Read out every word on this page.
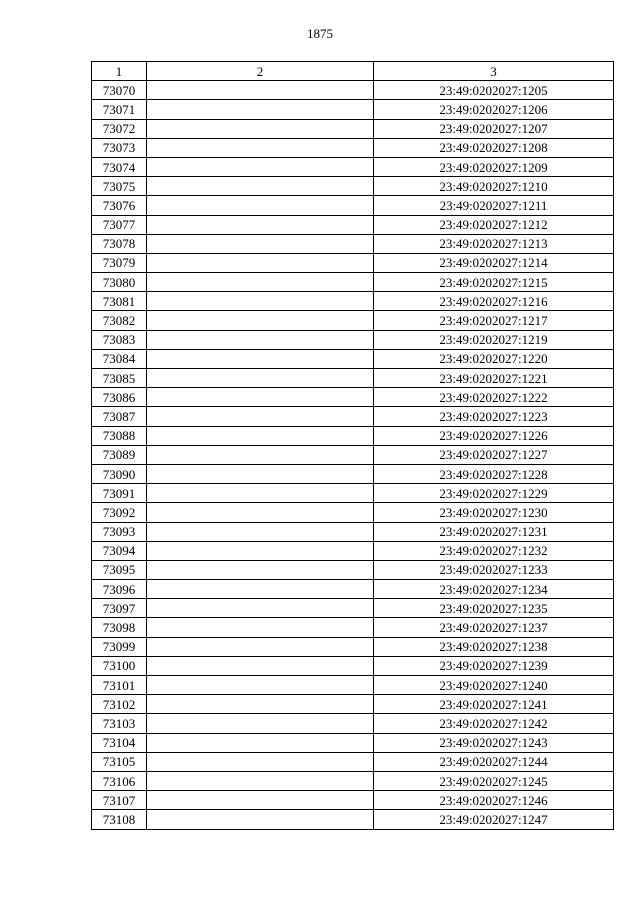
1875
1	2	3
73070		23:49:0202027:1205
73071		23:49:0202027:1206
73072		23:49:0202027:1207
73073		23:49:0202027:1208
73074		23:49:0202027:1209
73075		23:49:0202027:1210
73076		23:49:0202027:1211
73077		23:49:0202027:1212
73078		23:49:0202027:1213
73079		23:49:0202027:1214
73080		23:49:0202027:1215
73081		23:49:0202027:1216
73082		23:49:0202027:1217
73083		23:49:0202027:1219
73084		23:49:0202027:1220
73085		23:49:0202027:1221
73086		23:49:0202027:1222
73087		23:49:0202027:1223
73088		23:49:0202027:1226
73089		23:49:0202027:1227
73090		23:49:0202027:1228
73091		23:49:0202027:1229
73092		23:49:0202027:1230
73093		23:49:0202027:1231
73094		23:49:0202027:1232
73095		23:49:0202027:1233
73096		23:49:0202027:1234
73097		23:49:0202027:1235
73098		23:49:0202027:1237
73099		23:49:0202027:1238
73100		23:49:0202027:1239
73101		23:49:0202027:1240
73102		23:49:0202027:1241
73103		23:49:0202027:1242
73104		23:49:0202027:1243
73105		23:49:0202027:1244
73106		23:49:0202027:1245
73107		23:49:0202027:1246
73108		23:49:0202027:1247
